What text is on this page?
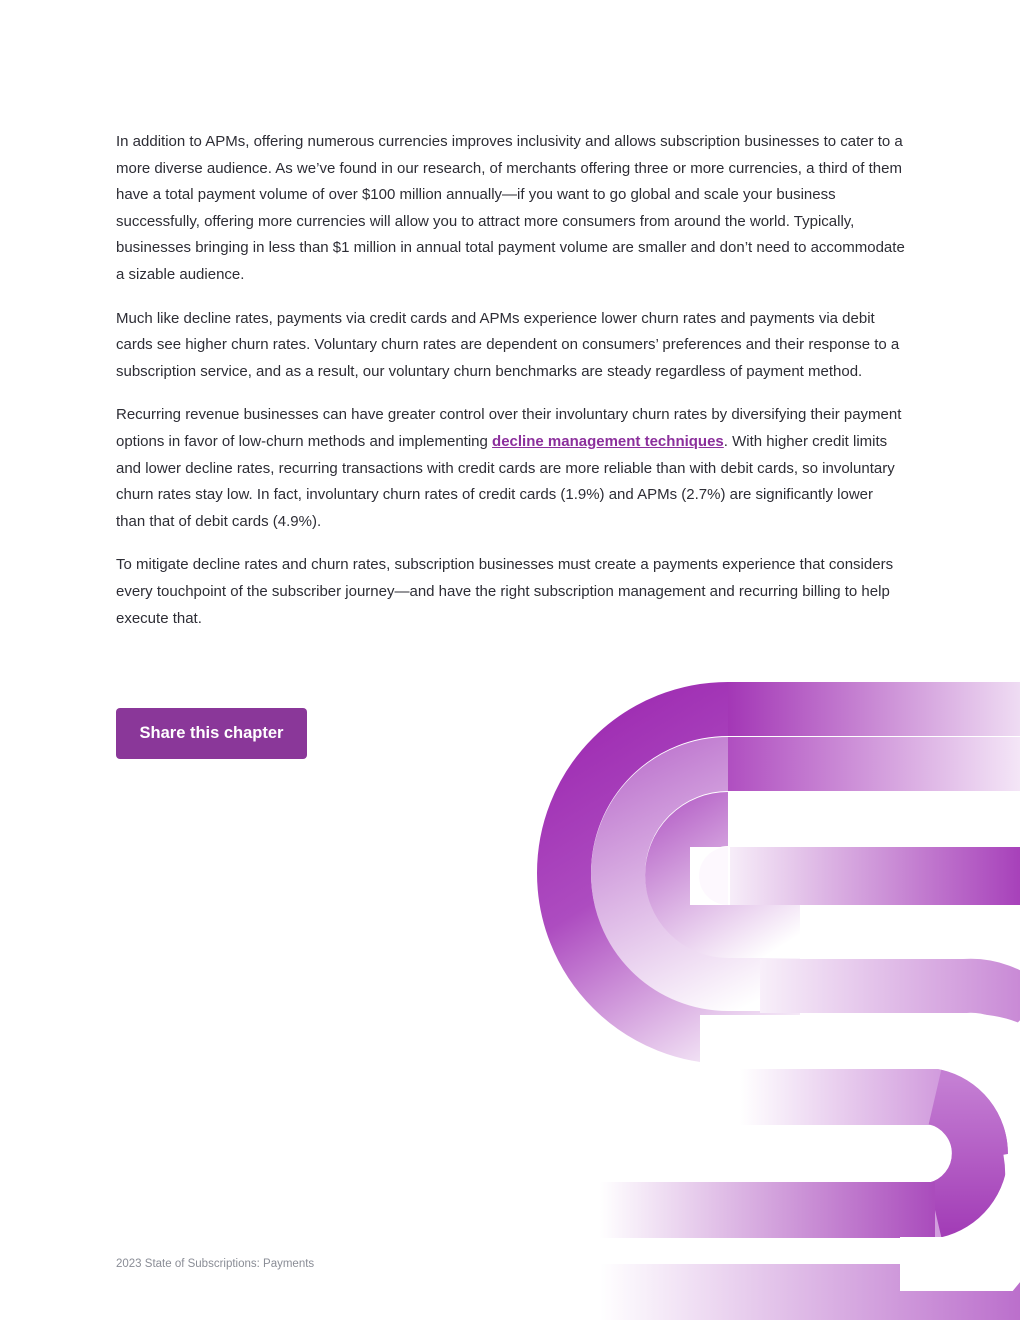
In addition to APMs, offering numerous currencies improves inclusivity and allows subscription businesses to cater to a more diverse audience. As we’ve found in our research, of merchants offering three or more currencies, a third of them have a total payment volume of over $100 million annually—if you want to go global and scale your business successfully, offering more currencies will allow you to attract more consumers from around the world. Typically, businesses bringing in less than $1 million in annual total payment volume are smaller and don’t need to accommodate a sizable audience.

Much like decline rates, payments via credit cards and APMs experience lower churn rates and payments via debit cards see higher churn rates. Voluntary churn rates are dependent on consumers’ preferences and their response to a subscription service, and as a result, our voluntary churn benchmarks are steady regardless of payment method.

Recurring revenue businesses can have greater control over their involuntary churn rates by diversifying their payment options in favor of low-churn methods and implementing decline management techniques. With higher credit limits and lower decline rates, recurring transactions with credit cards are more reliable than with debit cards, so involuntary churn rates stay low. In fact, involuntary churn rates of credit cards (1.9%) and APMs (2.7%) are significantly lower than that of debit cards (4.9%).

To mitigate decline rates and churn rates, subscription businesses must create a payments experience that considers every touchpoint of the subscriber journey—and have the right subscription management and recurring billing to help execute that.

Share this chapter
2023 State of Subscriptions: Payments
